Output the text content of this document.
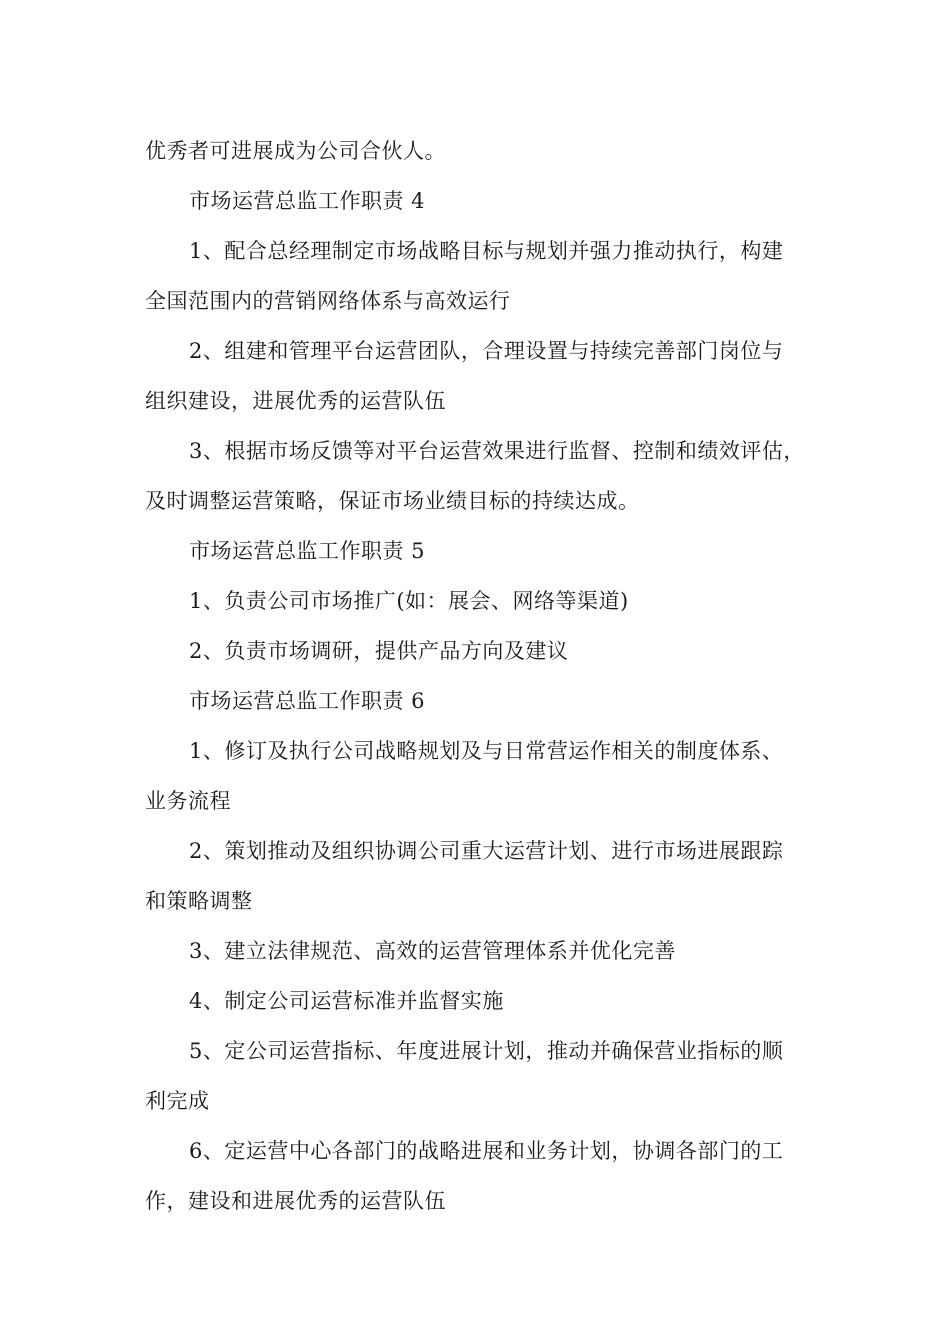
优秀者可进展成为公司合伙人。
市场运营总监工作职责 4
1、配合总经理制定市场战略目标与规划并强力推动执行，构建
全国范围内的营销网络体系与高效运行
2、组建和管理平台运营团队，合理设置与持续完善部门岗位与
组织建设，进展优秀的运营队伍
3、根据市场反馈等对平台运营效果进行监督、控制和绩效评估，
及时调整运营策略，保证市场业绩目标的持续达成。
市场运营总监工作职责 5
1、负责公司市场推广(如：展会、网络等渠道)
2、负责市场调研，提供产品方向及建议
市场运营总监工作职责 6
1、修订及执行公司战略规划及与日常营运作相关的制度体系、
业务流程
2、策划推动及组织协调公司重大运营计划、进行市场进展跟踪
和策略调整
3、建立法律规范、高效的运营管理体系并优化完善
4、制定公司运营标准并监督实施
5、定公司运营指标、年度进展计划，推动并确保营业指标的顺
利完成
6、定运营中心各部门的战略进展和业务计划，协调各部门的工
作，建设和进展优秀的运营队伍
